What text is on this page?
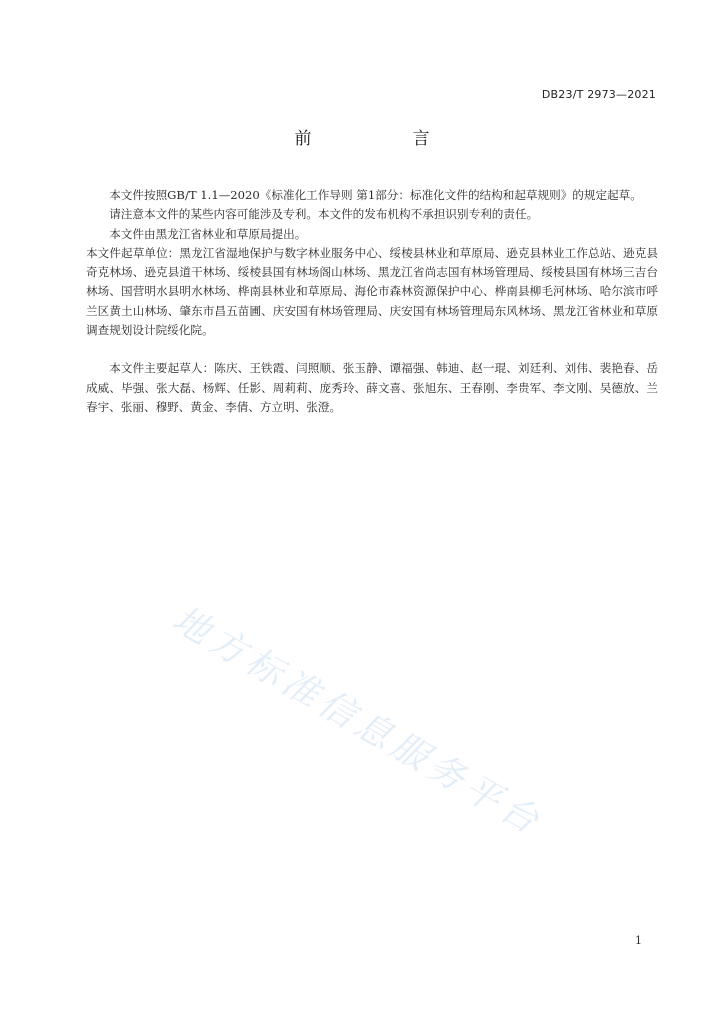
DB23/T 2973—2021
前　言

本文件按照GB/T 1.1—2020《标准化工作导则 第1部分：标准化文件的结构和起草规则》的规定起草。

请注意本文件的某些内容可能涉及专利。本文件的发布机构不承担识别专利的责任。

本文件由黑龙江省林业和草原局提出。

本文件起草单位：黑龙江省湿地保护与数字林业服务中心、绥棱县林业和草原局、逊克县林业工作总站、逊克县奇克林场、逊克县道干林场、绥棱县国有林场阁山林场、黑龙江省尚志国有林场管理局、绥棱县国有林场三吉台林场、国营明水县明水林场、桦南县林业和草原局、海伦市森林资源保护中心、桦南县柳毛河林场、哈尔滨市呼兰区黄土山林场、肇东市昌五苗圃、庆安国有林场管理局、庆安国有林场管理局东风林场、黑龙江省林业和草原调查规划设计院绥化院。

本文件主要起草人：陈庆、王铁霞、闫照顺、张玉静、谭福强、韩迪、赵一琨、刘廷利、刘伟、裴艳春、岳成威、毕强、张大磊、杨辉、任影、周莉莉、庞秀玲、薛文喜、张旭东、王春刚、李贵军、李文刚、吴德放、兰春宇、张丽、穆野、黄金、李倩、方立明、张澄。

地方标准信息服务平台
1
